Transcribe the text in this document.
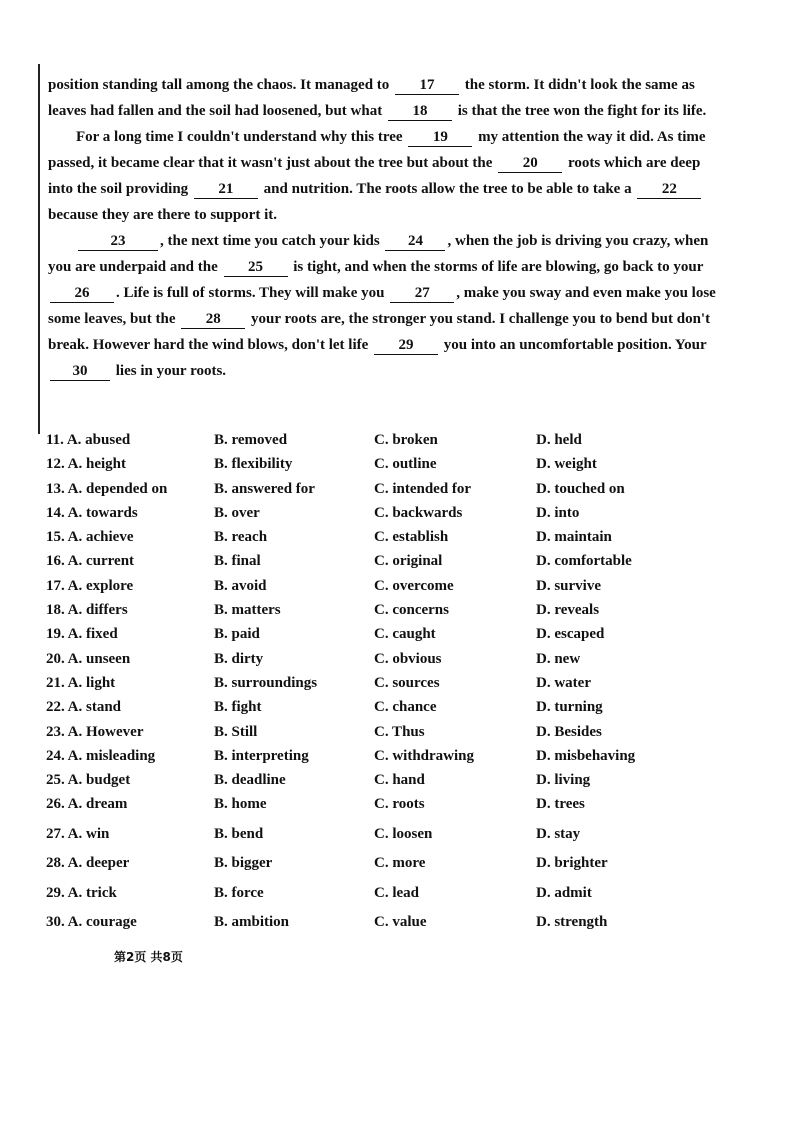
position standing tall among the chaos. It managed to 17 the storm. It didn't look the same as leaves had fallen and the soil had loosened, but what 18 is that the tree won the fight for its life.

For a long time I couldn't understand why this tree 19 my attention the way it did. As time passed, it became clear that it wasn't just about the tree but about the 20 roots which are deep into the soil providing 21 and nutrition. The roots allow the tree to be able to take a 22 because they are there to support it.

23 , the next time you catch your kids 24 , when the job is driving you crazy, when you are underpaid and the 25 is tight, and when the storms of life are blowing, go back to your 26 . Life is full of storms. They will make you 27 , make you sway and even make you lose some leaves, but the 28 your roots are, the stronger you stand. I challenge you to bend but don't break. However hard the wind blows, don't let life 29 you into an uncomfortable position. Your 30 lies in your roots.

11. A. abused	B. removed	C. broken	D. held
12. A. height	B. flexibility	C. outline	D. weight
13. A. depended on	B. answered for	C. intended for	D. touched on
14. A. towards	B. over	C. backwards	D. into
15. A. achieve	B. reach	C. establish	D. maintain
16. A. current	B. final	C. original	D. comfortable
17. A. explore	B. avoid	C. overcome	D. survive
18. A. differs	B. matters	C. concerns	D. reveals
19. A. fixed	B. paid	C. caught	D. escaped
20. A. unseen	B. dirty	C. obvious	D. new
21. A. light	B. surroundings	C. sources	D. water
22. A. stand	B. fight	C. chance	D. turning
23. A. However	B. Still	C. Thus	D. Besides
24. A. misleading	B. interpreting	C. withdrawing	D. misbehaving
25. A. budget	B. deadline	C. hand	D. living
26. A. dream	B. home	C. roots	D. trees
27. A. win	B. bend	C. loosen	D. stay
28. A. deeper	B. bigger	C. more	D. brighter
29. A. trick	B. force	C. lead	D. admit
30. A. courage	B. ambition	C. value	D. strength
第2页 共8页
